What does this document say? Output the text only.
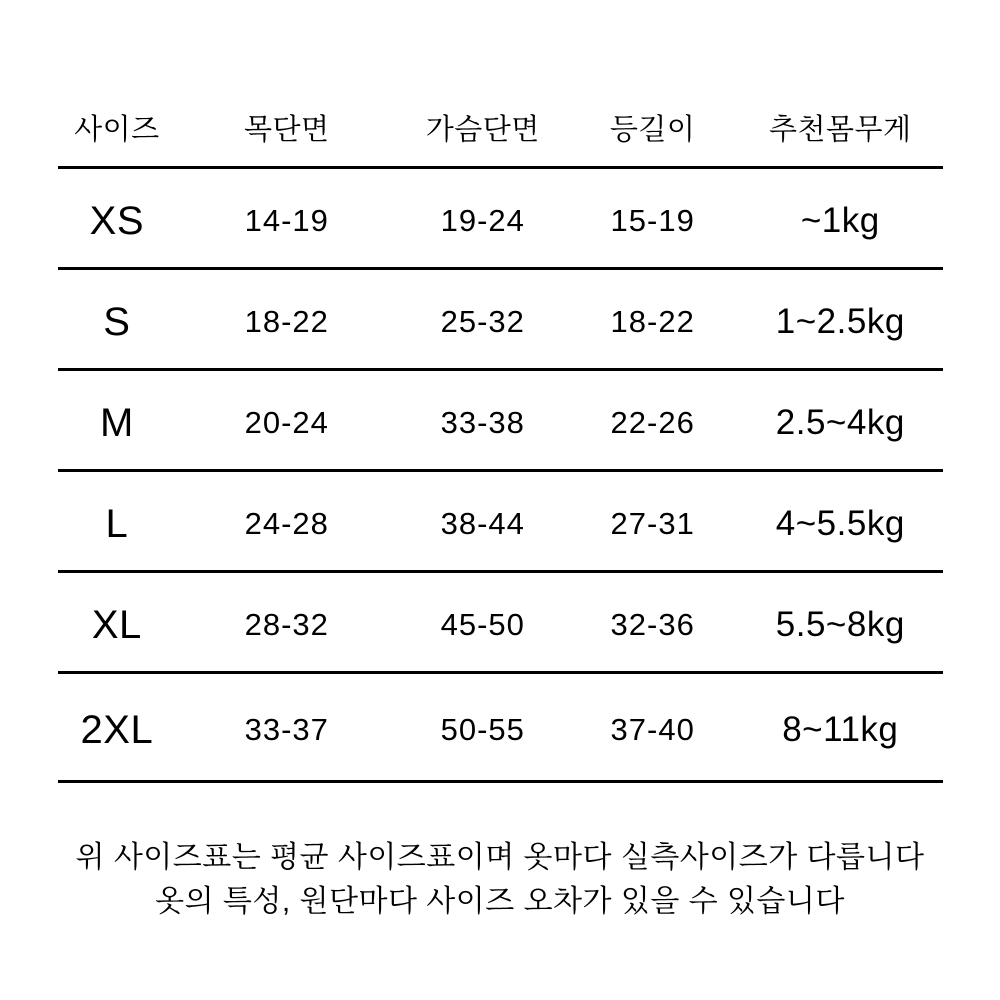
사이즈	목단면	가슴단면	등길이	추천몸무게
XS	14-19	19-24	15-19	~1kg
S	18-22	25-32	18-22	1~2.5kg
M	20-24	33-38	22-26	2.5~4kg
L	24-28	38-44	27-31	4~5.5kg
XL	28-32	45-50	32-36	5.5~8kg
2XL	33-37	50-55	37-40	8~11kg
위 사이즈표는 평균 사이즈표이며 옷마다 실측사이즈가 다릅니다
옷의 특성, 원단마다 사이즈 오차가 있을 수 있습니다
